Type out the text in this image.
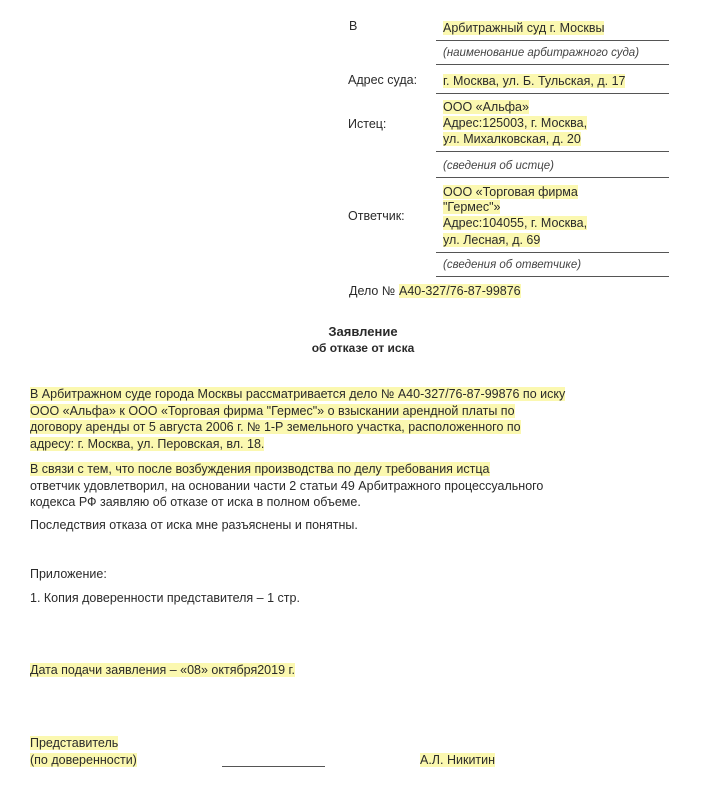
В	Арбитражный суд г. Москвы
(наименование арбитражного суда)
Адрес суда: г. Москва, ул. Б. Тульская, д. 17
Истец:
ООО «Альфа»
Адрес:125003, г. Москва,
ул. Михалковская, д. 20
(сведения об истце)
Ответчик:
ООО «Торговая фирма
"Гермес"»
Адрес:104055, г. Москва,
ул. Лесная, д. 69
(сведения об ответчике)
Дело № А40-327/76-87-99876
Заявление
об отказе от иска
В Арбитражном суде города Москвы рассматривается дело № А40-327/76-87-99876 по иску
ООО «Альфа» к ООО «Торговая фирма "Гермес"» о взыскании арендной платы по
договору аренды от 5 августа 2006 г. № 1-Р земельного участка, расположенного по
адресу: г. Москва, ул. Перовская, вл. 18.
В связи с тем, что после возбуждения производства по делу требования истца
ответчик удовлетворил, на основании части 2 статьи 49 Арбитражного процессуального
кодекса РФ заявляю об отказе от иска в полном объеме.
Последствия отказа от иска мне разъяснены и понятны.
Приложение:
1. Копия доверенности представителя – 1 стр.
Дата подачи заявления – «08» октября2019 г.
Представитель
(по доверенности)	А.Л. Никитин
